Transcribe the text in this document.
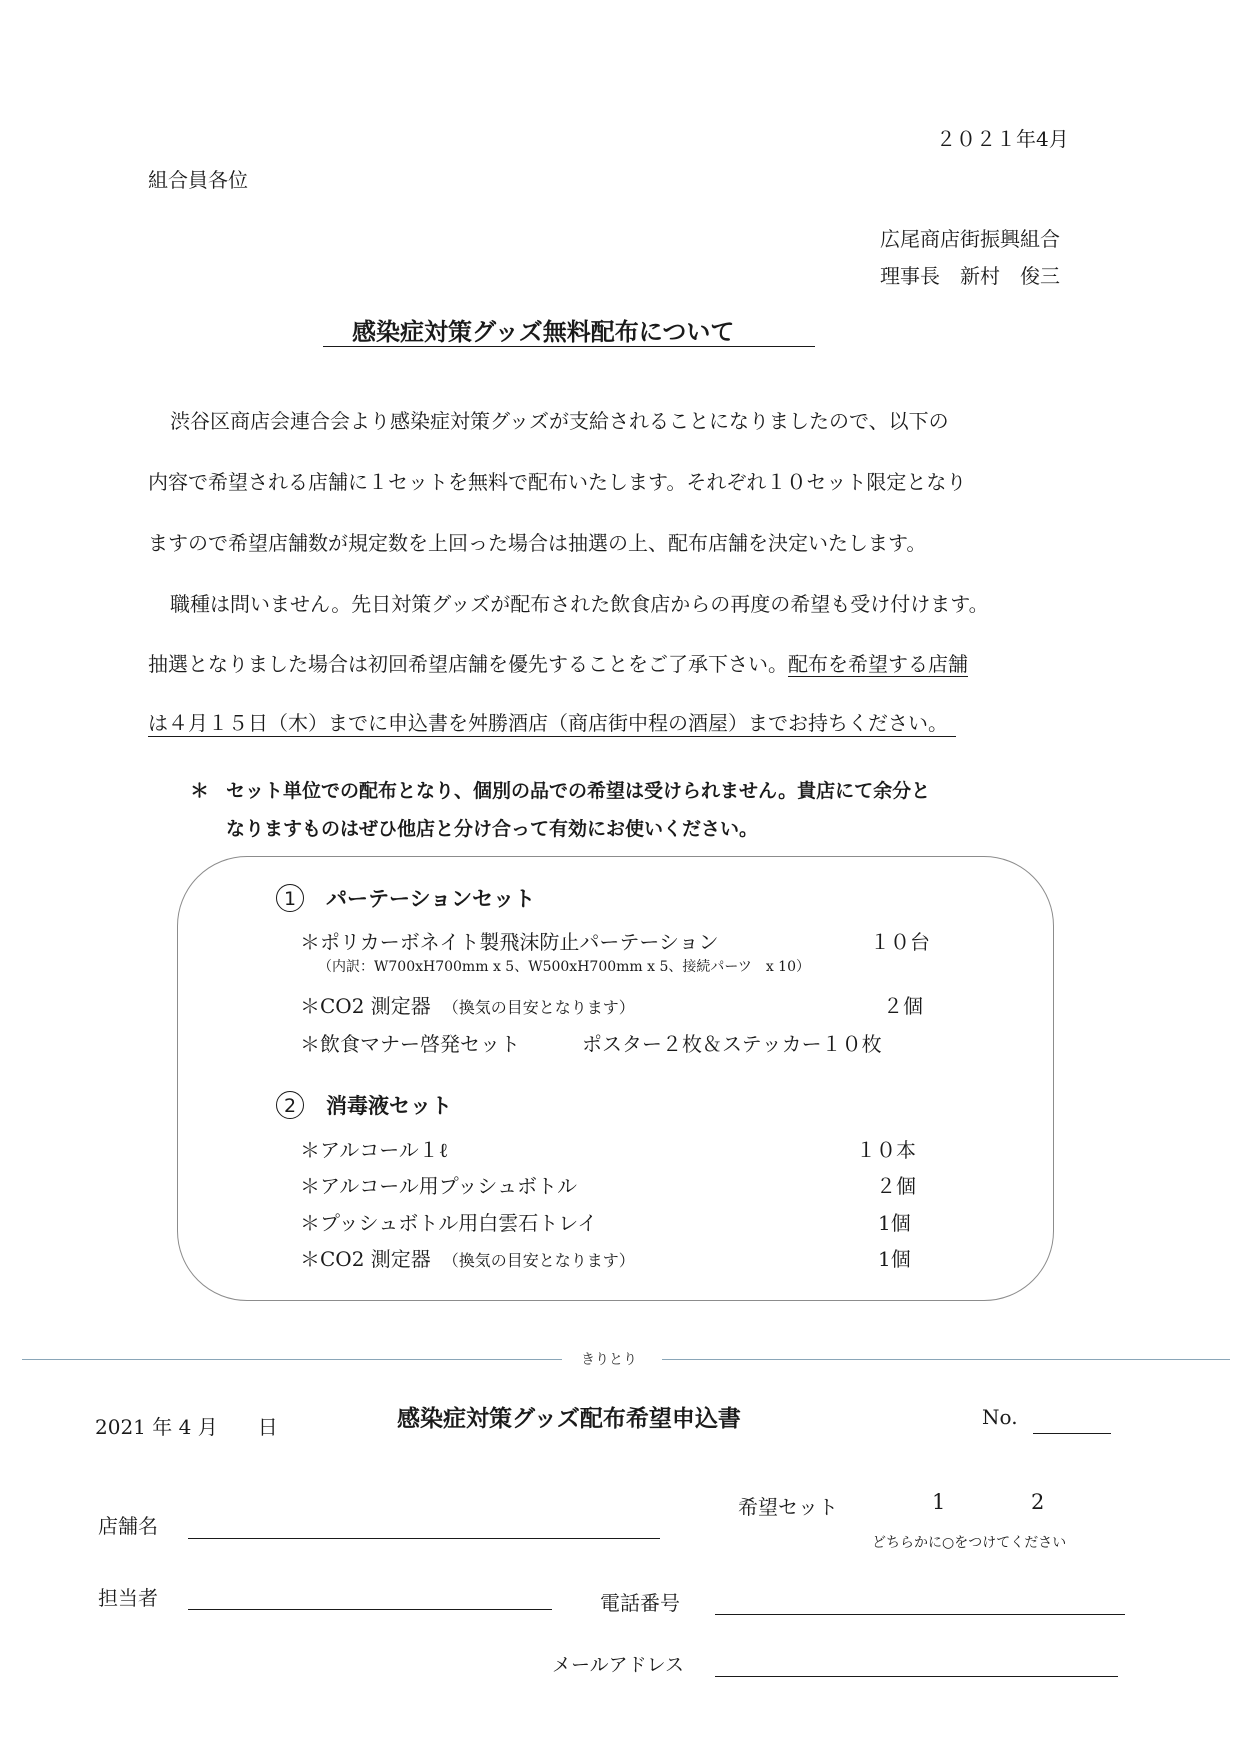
２０２１年4月
組合員各位
広尾商店街振興組合
理事長　新村　俊三
感染症対策グッズ無料配布について
渋谷区商店会連合会より感染症対策グッズが支給されることになりましたので、以下の
内容で希望される店舗に１セットを無料で配布いたします。それぞれ１０セット限定となり
ますので希望店舗数が規定数を上回った場合は抽選の上、配布店舗を決定いたします。
職種は問いません。先日対策グッズが配布された飲食店からの再度の希望も受け付けます。
抽選となりました場合は初回希望店舗を優先することをご了承下さい。配布を希望する店舗
は４月１５日（木）までに申込書を舛勝酒店（商店街中程の酒屋）までお持ちください。
＊ セット単位での配布となり、個別の品での希望は受けられません。貴店にて余分と
なりますものはぜひ他店と分け合って有効にお使いください。
1 パーテーションセット
＊ポリカーボネイト製飛沫防止パーテーション	１０台
（内訳：W700xH700mm x 5、W500xH700mm x 5、接続パーツ　x 10）
＊CO2 測定器　 （換気の目安となります）	２個
＊飲食マナー啓発セット	ポスター２枚＆ステッカー１０枚
2 消毒液セット
＊アルコール１ℓ	１０本
＊アルコール用プッシュボトル	２個
＊プッシュボトル用白雲石トレイ	1個
＊CO2 測定器　 （換気の目安となります）	1個
きりとり
2021 年 4 月　　日	感染症対策グッズ配布希望申込書	No.
希望セット	1	2
どちらかに○をつけてください
店舗名
担当者	電話番号
メールアドレス
